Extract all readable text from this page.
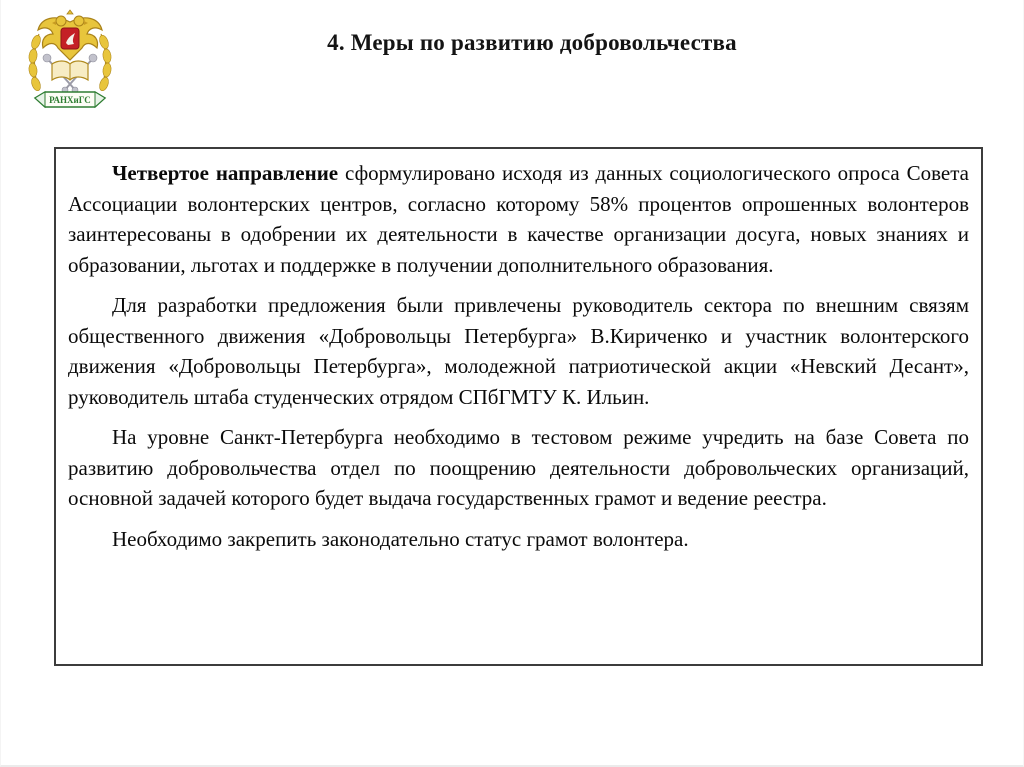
РАНХиГС
4. Меры по развитию добровольчества

Четвертое направление сформулировано исходя из данных социологического опроса Совета Ассоциации волонтерских центров, согласно которому 58% процентов опрошенных волонтеров заинтересованы в одобрении их деятельности в качестве организации досуга, новых знаниях и образовании, льготах и поддержке в получении дополнительного образования.

Для разработки предложения были привлечены руководитель сектора по внешним связям общественного движения «Добровольцы Петербурга» В.Кириченко и участник волонтерского движения «Добровольцы Петербурга», молодежной патриотической акции «Невский Десант», руководитель штаба студенческих отрядом СПбГМТУ К. Ильин.

На уровне Санкт-Петербурга необходимо в тестовом режиме учредить на базе Совета по развитию добровольчества отдел по поощрению деятельности добровольческих организаций, основной задачей которого будет выдача государственных грамот и ведение реестра.

Необходимо закрепить законодательно статус грамот волонтера.
